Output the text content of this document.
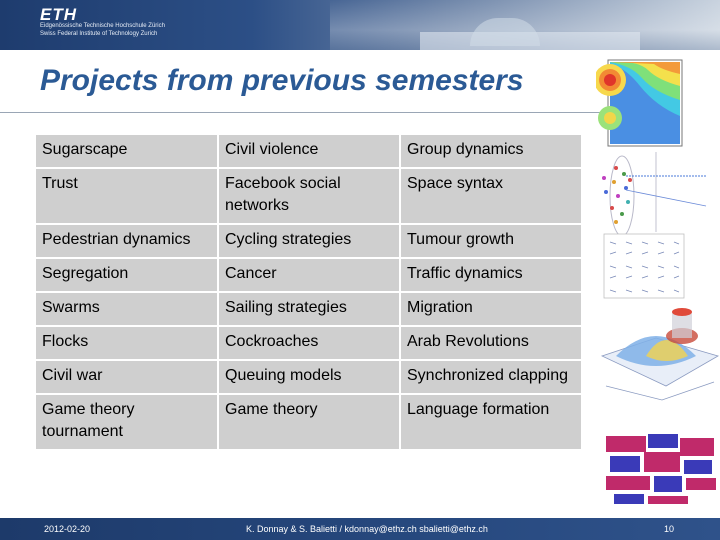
ETH
Eidgenössische Technische Hochschule Zürich
Swiss Federal Institute of Technology Zurich
Projects from previous semesters
Sugarscape	Civil violence	Group dynamics
Trust	Facebook social networks	Space syntax
Pedestrian dynamics	Cycling strategies	Tumour growth
Segregation	Cancer	Traffic dynamics
Swarms	Sailing strategies	Migration
Flocks	Cockroaches	Arab Revolutions
Civil war	Queuing models	Synchronized clapping
Game theory tournament	Game theory	Language formation
2012-02-20	K. Donnay & S. Balietti / kdonnay@ethz.ch sbalietti@ethz.ch	10
